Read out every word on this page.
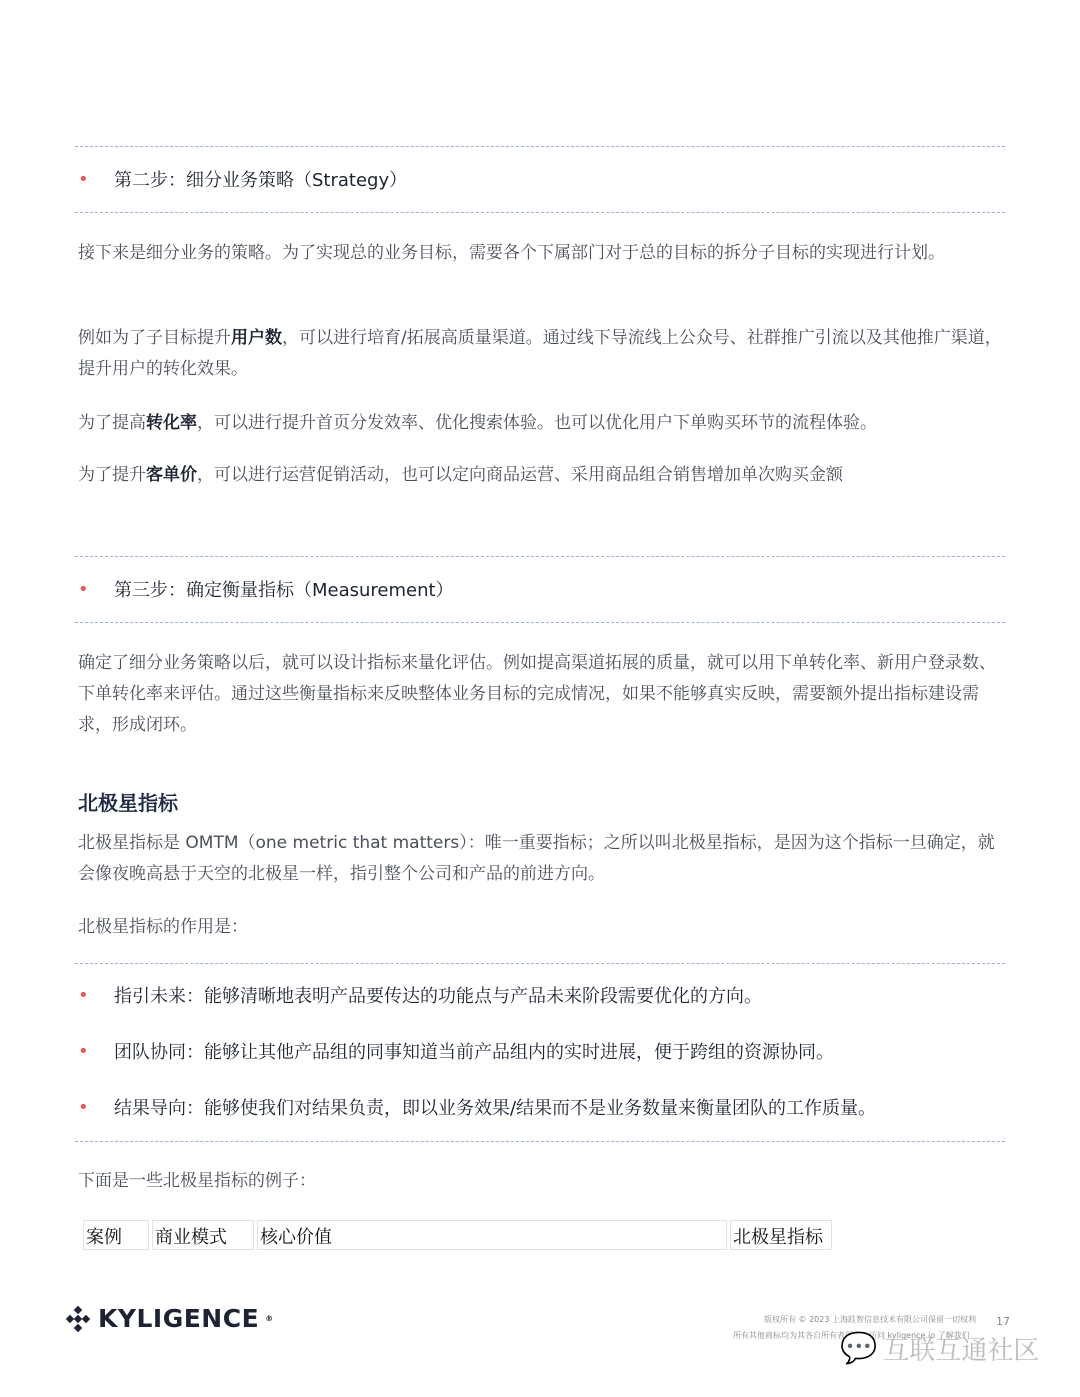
•	第二步：细分业务策略（Strategy）
接下来是细分业务的策略。为了实现总的业务目标，需要各个下属部门对于总的目标的拆分子目标的实现进行计划。
例如为了子目标提升用户数，可以进行培育/拓展高质量渠道。通过线下导流线上公众号、社群推广引流以及其他推广渠道，提升用户的转化效果。
为了提高转化率，可以进行提升首页分发效率、优化搜索体验。也可以优化用户下单购买环节的流程体验。
为了提升客单价，可以进行运营促销活动，也可以定向商品运营、采用商品组合销售增加单次购买金额
•	第三步：确定衡量指标（Measurement）
确定了细分业务策略以后，就可以设计指标来量化评估。例如提高渠道拓展的质量，就可以用下单转化率、新用户登录数、下单转化率来评估。通过这些衡量指标来反映整体业务目标的完成情况，如果不能够真实反映，需要额外提出指标建设需求，形成闭环。
北极星指标
北极星指标是 OMTM（one metric that matters）：唯一重要指标；之所以叫北极星指标，是因为这个指标一旦确定，就会像夜晚高悬于天空的北极星一样，指引整个公司和产品的前进方向。
北极星指标的作用是：
•	指引未来：能够清晰地表明产品要传达的功能点与产品未来阶段需要优化的方向。
•	团队协同：能够让其他产品组的同事知道当前产品组内的实时进展，便于跨组的资源协同。
•	结果导向：能够使我们对结果负责，即以业务效果/结果而不是业务数量来衡量团队的工作质量。
下面是一些北极星指标的例子：
案例	商业模式	核心价值	北极星指标
KYLIGENCE ®	版权所有 © 2023 上海跬智信息技术有限公司保留一切权利 17
所有其他商标均为其各自所有者所有。访问 kyligence.io 了解我们
💬 互联互通社区
